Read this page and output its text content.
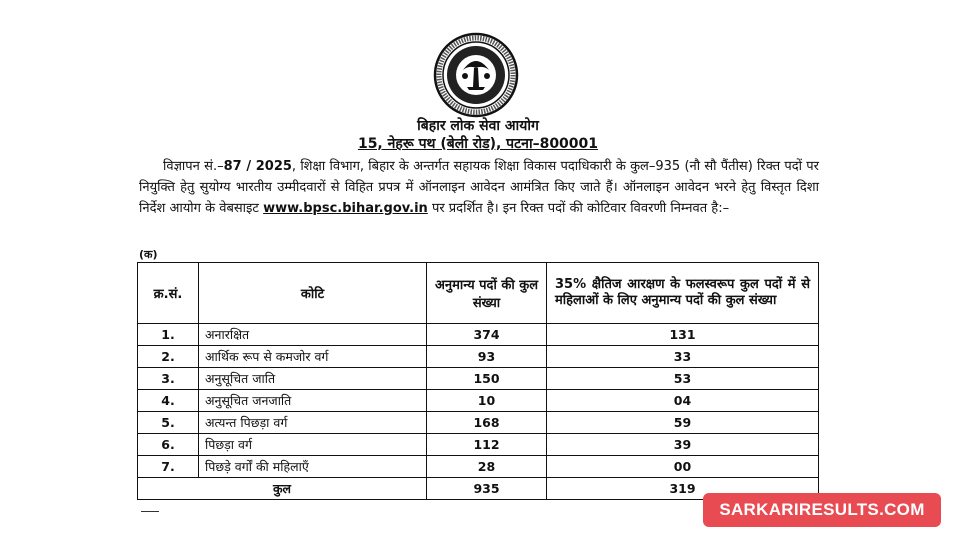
बिहार लोक सेवा आयोग
15, नेहरू पथ (बेली रोड), पटना–800001
विज्ञापन सं.–87 / 2025, शिक्षा विभाग, बिहार के अन्तर्गत सहायक शिक्षा विकास पदाधिकारी के कुल–935 (नौ सौ पैंतीस) रिक्त पदों पर नियुक्ति हेतु सुयोग्य भारतीय उम्मीदवारों से विहित प्रपत्र में ऑनलाइन आवेदन आमंत्रित किए जाते हैं। ऑनलाइन आवेदन भरने हेतु विस्तृत दिशा निर्देश आयोग के वेबसाइट www.bpsc.bihar.gov.in पर प्रदर्शित है। इन रिक्त पदों की कोटिवार विवरणी निम्नवत है:–
(क)
क्र.सं.	कोटि	अनुमान्य पदों की कुल संख्या	35% क्षैतिज आरक्षण के फलस्वरूप कुल पदों में से महिलाओं के लिए अनुमान्य पदों की कुल संख्या
1.	अनारक्षित	374	131
2.	आर्थिक रूप से कमजोर वर्ग	93	33
3.	अनुसूचित जाति	150	53
4.	अनुसूचित जनजाति	10	04
5.	अत्यन्त पिछड़ा वर्ग	168	59
6.	पिछड़ा वर्ग	112	39
7.	पिछड़े वर्गों की महिलाएँ	28	00
कुल		935	319
SARKARIRESULTS.COM
